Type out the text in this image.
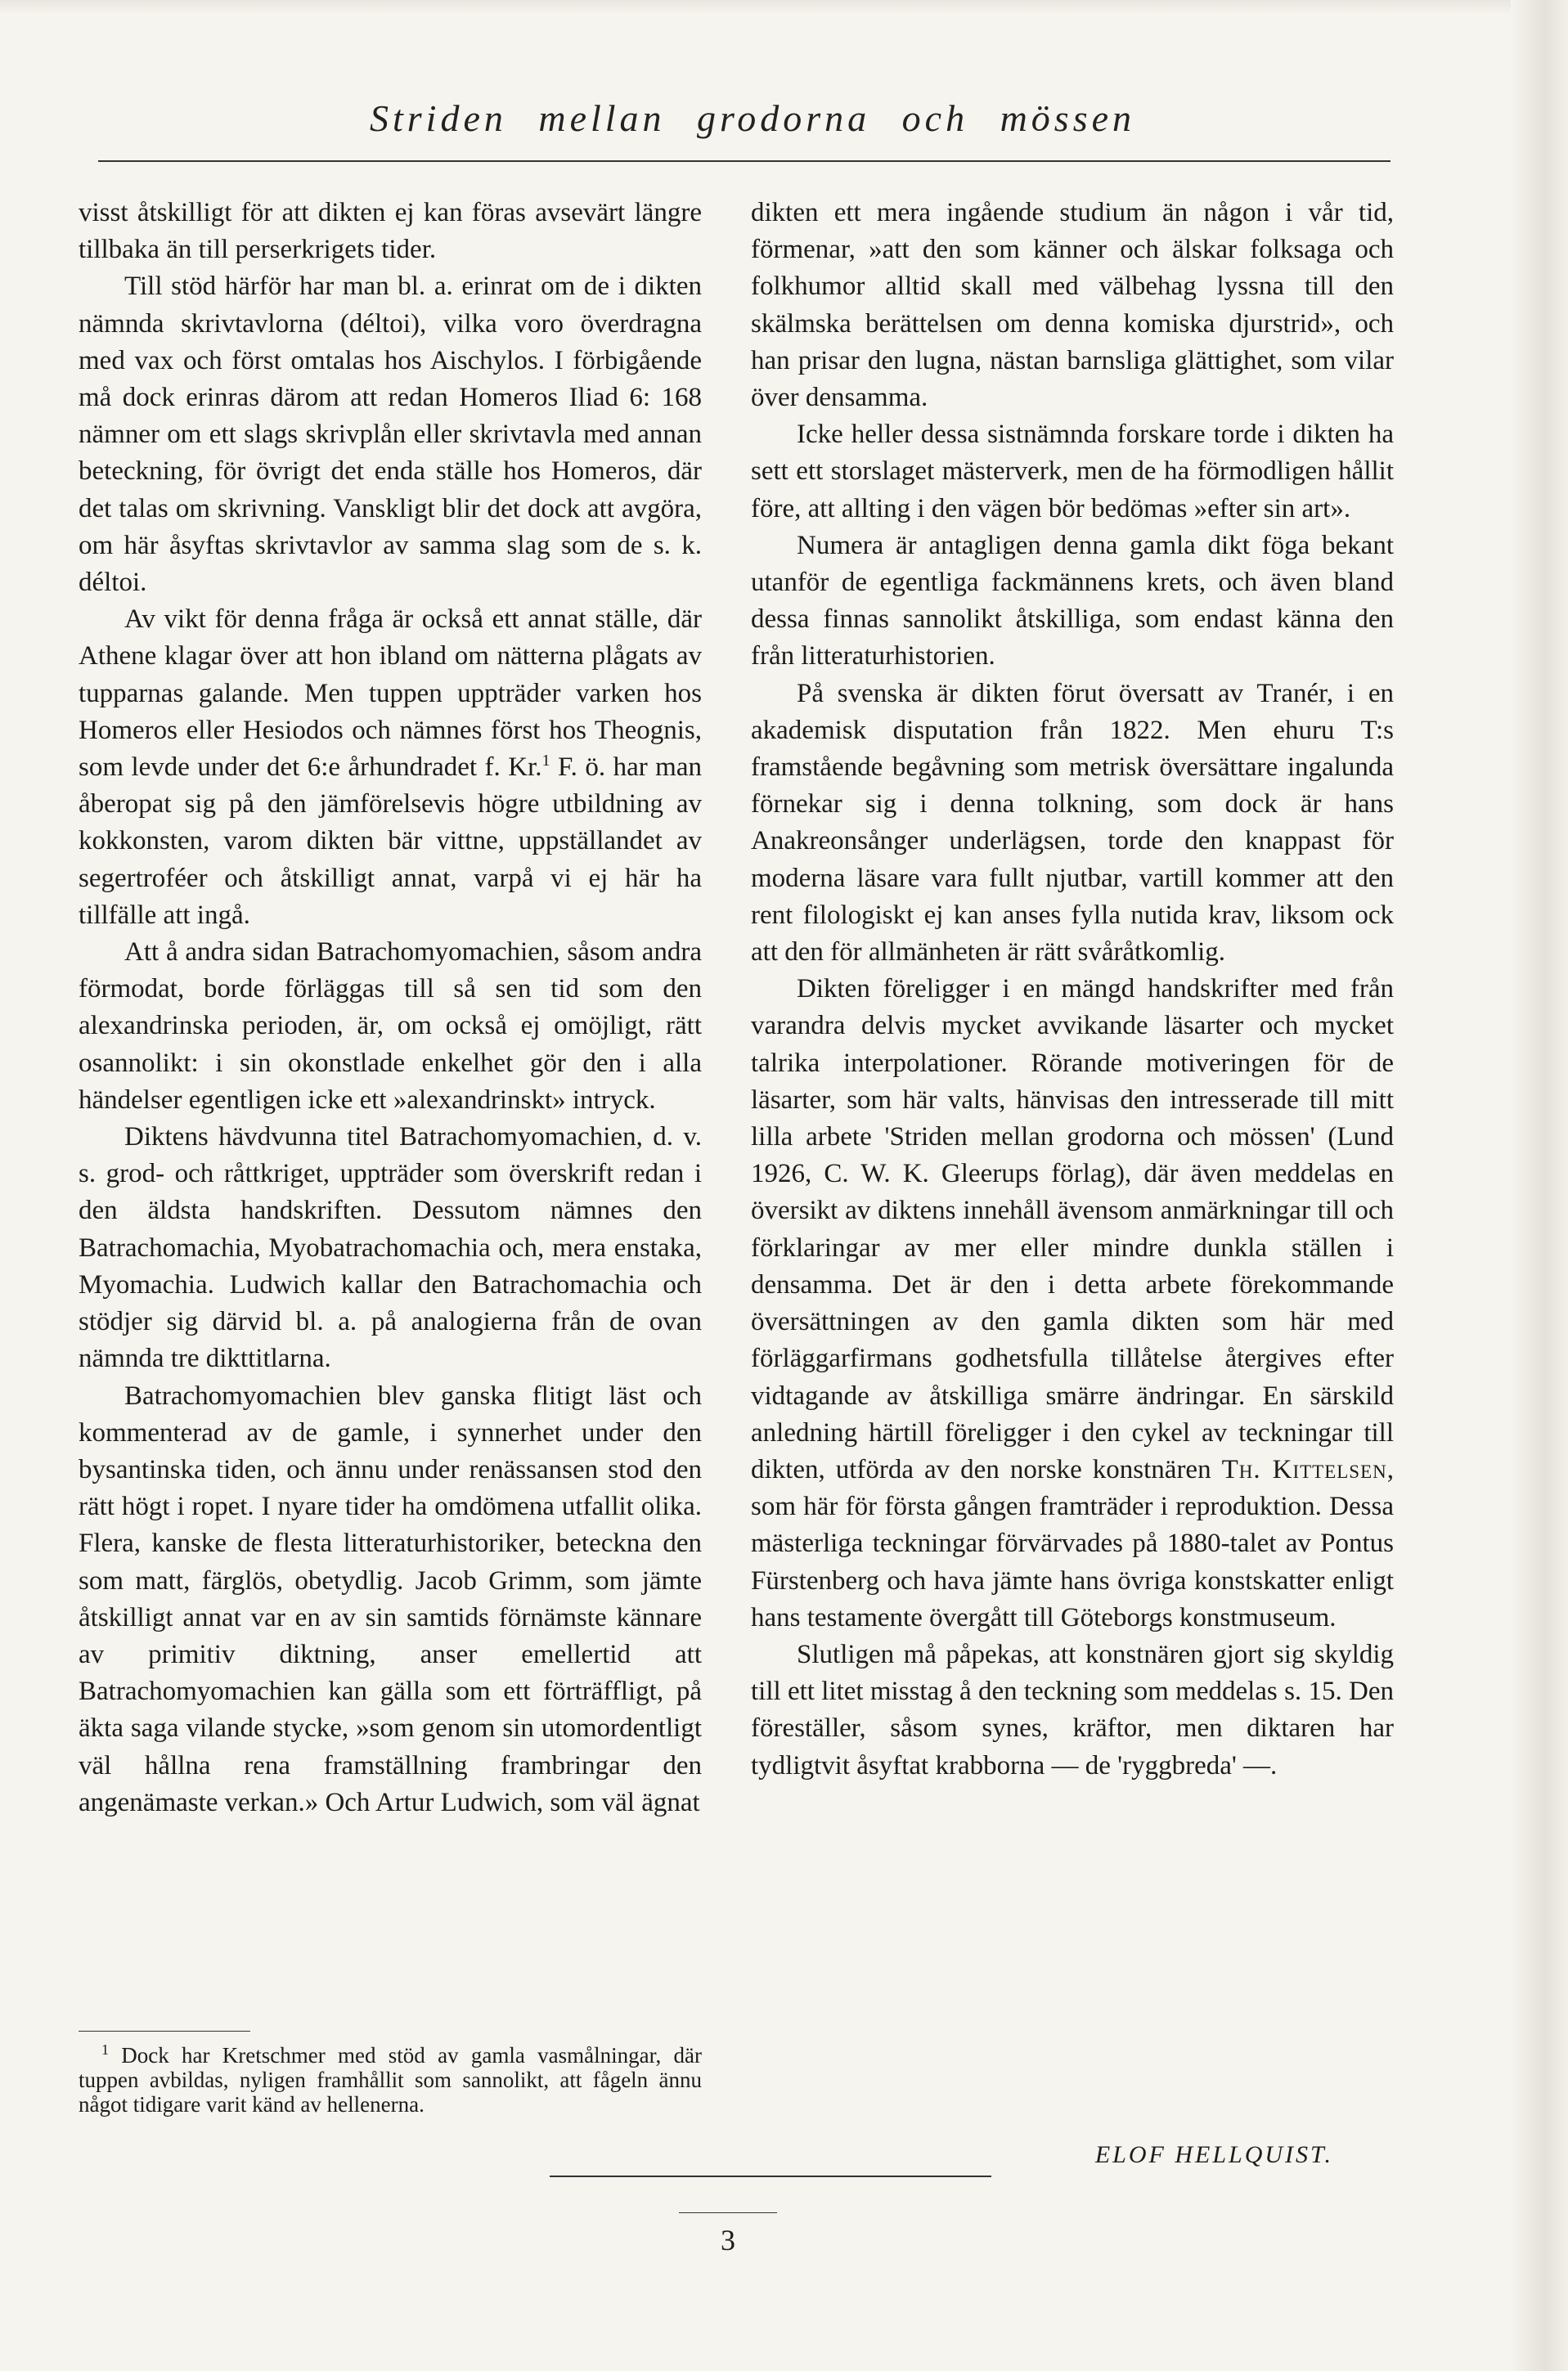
Striden mellan grodorna och mössen

visst åtskilligt för att dikten ej kan föras avsevärt längre tillbaka än till perserkrigets tider.

Till stöd härför har man bl. a. erinrat om de i dikten nämnda skrivtavlorna (déltoi), vilka voro överdragna med vax och först omtalas hos Aischylos. I förbigående må dock erinras därom att redan Homeros Iliad 6: 168 nämner om ett slags skrivplån eller skrivtavla med annan beteckning, för övrigt det enda ställe hos Homeros, där det talas om skrivning. Vanskligt blir det dock att avgöra, om här åsyftas skrivtavlor av samma slag som de s. k. déltoi.

Av vikt för denna fråga är också ett annat ställe, där Athene klagar över att hon ibland om nätterna plågats av tupparnas galande. Men tuppen uppträder varken hos Homeros eller Hesiodos och nämnes först hos Theognis, som levde under det 6:e århundradet f. Kr.$^1$ F. ö. har man åberopat sig på den jämförelsevis högre utbildning av kokkonsten, varom dikten bär vittne, uppställandet av segertroféer och åtskilligt annat, varpå vi ej här ha tillfälle att ingå.

Att å andra sidan Batrachomyomachien, såsom andra förmodat, borde förläggas till så sen tid som den alexandrinska perioden, är, om också ej omöjligt, rätt osannolikt: i sin okonstlade enkelhet gör den i alla händelser egentligen icke ett »alexandrinskt» intryck.

Diktens hävdvunna titel Batrachomyomachien, d. v. s. grod- och råttkriget, uppträder som överskrift redan i den äldsta handskriften. Dessutom nämnes den Batrachomachia, Myobatrachomachia och, mera enstaka, Myomachia. Ludwich kallar den Batrachomachia och stödjer sig därvid bl. a. på analogierna från de ovan nämnda tre dikttitlarna.

Batrachomyomachien blev ganska flitigt läst och kommenterad av de gamle, i synnerhet under den bysantinska tiden, och ännu under renässansen stod den rätt högt i ropet. I nyare tider ha omdömena utfallit olika. Flera, kanske de flesta litteraturhistoriker, beteckna den som matt, färglös, obetydlig. Jacob Grimm, som jämte åtskilligt annat var en av sin samtids förnämste kännare av primitiv diktning, anser emellertid att Batrachomyomachien kan gälla som ett förträffligt, på äkta saga vilande stycke, »som genom sin utomordentligt väl hållna rena framställning frambringar den angenämaste verkan.» Och Artur Ludwich, som väl ägnat

dikten ett mera ingående studium än någon i vår tid, förmenar, »att den som känner och älskar folksaga och folkhumor alltid skall med välbehag lyssna till den skälmska berättelsen om denna komiska djurstrid», och han prisar den lugna, nästan barnsliga glättighet, som vilar över densamma.

Icke heller dessa sistnämnda forskare torde i dikten ha sett ett storslaget mästerverk, men de ha förmodligen hållit före, att allting i den vägen bör bedömas »efter sin art».

Numera är antagligen denna gamla dikt föga bekant utanför de egentliga fackmännens krets, och även bland dessa finnas sannolikt åtskilliga, som endast känna den från litteraturhistorien.

På svenska är dikten förut översatt av Tranér, i en akademisk disputation från 1822. Men ehuru T:s framstående begåvning som metrisk översättare ingalunda förnekar sig i denna tolkning, som dock är hans Anakreonsånger underlägsen, torde den knappast för moderna läsare vara fullt njutbar, vartill kommer att den rent filologiskt ej kan anses fylla nutida krav, liksom ock att den för allmänheten är rätt svåråtkomlig.

Dikten föreligger i en mängd handskrifter med från varandra delvis mycket avvikande läsarter och mycket talrika interpolationer. Rörande motiveringen för de läsarter, som här valts, hänvisas den intresserade till mitt lilla arbete 'Striden mellan grodorna och mössen' (Lund 1926, C. W. K. Gleerups förlag), där även meddelas en översikt av diktens innehåll ävensom anmärkningar till och förklaringar av mer eller mindre dunkla ställen i densamma. Det är den i detta arbete förekommande översättningen av den gamla dikten som här med förläggarfirmans godhetsfulla tillåtelse återgives efter vidtagande av åtskilliga smärre ändringar. En särskild anledning härtill föreligger i den cykel av teckningar till dikten, utförda av den norske konstnären Th. Kittelsen, som här för första gången framträder i reproduktion. Dessa mästerliga teckningar förvärvades på 1880-talet av Pontus Fürstenberg och hava jämte hans övriga konstskatter enligt hans testamente övergått till Göteborgs konstmuseum.

Slutligen må påpekas, att konstnären gjort sig skyldig till ett litet misstag å den teckning som meddelas s. 15. Den föreställer, såsom synes, kräftor, men diktaren har tydligtvit åsyftat krabborna — de 'ryggbreda' —.

$^1$ Dock har Kretschmer med stöd av gamla vasmålningar, där tuppen avbildas, nyligen framhållit som sannolikt, att fågeln ännu något tidigare varit känd av hellenerna.

ELOF HELLQUIST.

3
